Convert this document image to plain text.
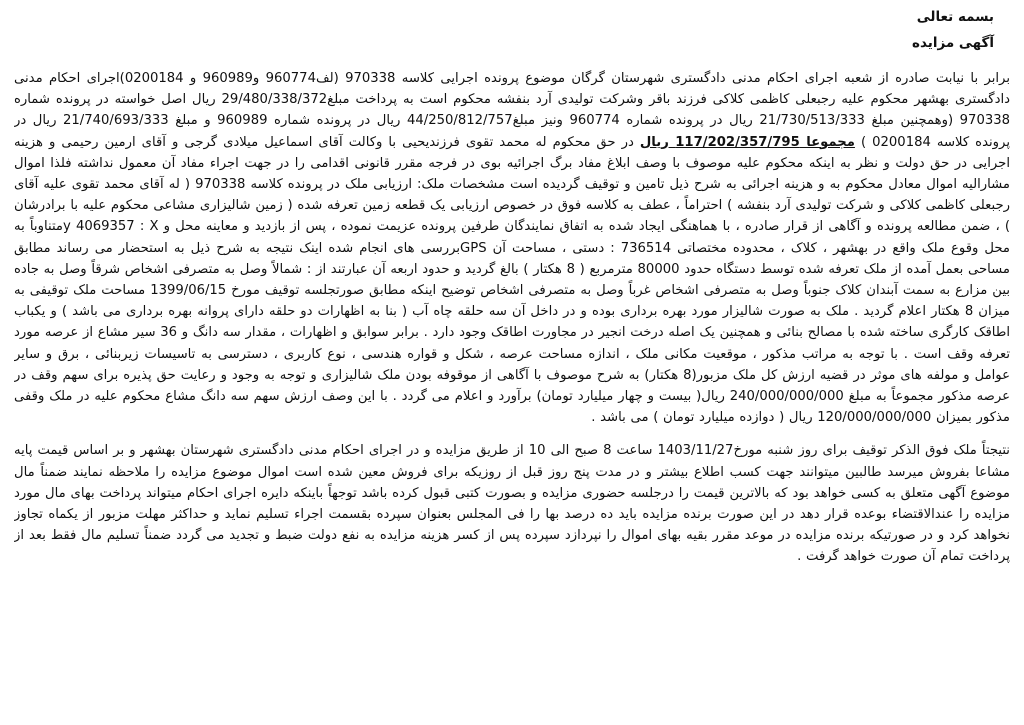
بسمه تعالی
آگهی مزایده

برابر با نیابت صادره از شعبه اجرای احکام مدنی دادگستری شهرستان گرگان موضوع پرونده اجرایی کلاسه 970338 (لف960774 و960989 و 0200184)اجرای احکام مدنی دادگستری بهشهر محکوم علیه رجبعلی کاظمی کلاکی فرزند باقر وشرکت تولیدی آرد بنفشه محکوم است به پرداخت مبلغ29/480/338/372 ریال اصل خواسته در پرونده شماره 970338 (وهمچنین مبلغ 21/730/513/333 ریال در پرونده شماره 960774 ونیز مبلغ44/250/812/757 ریال در پرونده شماره 960989 و مبلغ 21/740/693/333 ریال در پرونده کلاسه 0200184 ) مجموعا 117/202/357/795 ریال در حق محکوم له محمد تقوی فرزندیحیی با وکالت آقای اسماعیل میلادی گرجی و آقای ارمین رحیمی و هزینه اجرایی در حق دولت و نظر به اینکه محکوم علیه موصوف با وصف ابلاغ مفاد برگ اجرائیه بوی در فرجه مقرر قانونی اقدامی را در جهت اجراء مفاد آن معمول نداشته فلذا اموال مشارالیه اموال معادل محکوم به و هزینه اجرائی به شرح ذیل تامین و توقیف گردیده است مشخصات ملک: ارزیابی ملک در پرونده کلاسه 970338 ( له آقای محمد تقوی علیه آقای رجبعلی کاظمی کلاکی و شرکت تولیدی آرد بنفشه ) احتراماً ، عطف به کلاسه فوق در خصوص ارزیابی یک قطعه زمین تعرفه شده ( زمین شالیزاری مشاعی محکوم علیه با برادرشان ) ، ضمن مطالعه پرونده و آگاهی از قرار صادره ، با هماهنگی ایجاد شده به اتفاق نمایندگان طرفین پرونده عزیمت نموده ، پس از بازدید و معاینه محل و y 4069357 : Xمتناوباً به محل وقوع ملک واقع در بهشهر ، کلاک ، محدوده مختصاتی 736514 : دستی ، مساحت آن GPSبررسی های انجام شده اینک نتیجه به شرح ذیل به استحضار می رساند مطابق مساحی بعمل آمده از ملک تعرفه شده توسط دستگاه حدود 80000 مترمربع ( 8 هکتار ) بالغ گردید و حدود اربعه آن عبارتند از : شمالاً وصل به متصرفی اشخاص شرقاً وصل به جاده بین مزارع به سمت آبندان کلاک جنوباً وصل به متصرفی اشخاص غرباً وصل به متصرفی اشخاص توضیح اینکه مطابق صورتجلسه توقیف مورخ 1399/06/15 مساحت ملک توقیفی به میزان 8 هکتار اعلام گردید . ملک به صورت شالیزار مورد بهره برداری بوده و در داخل آن سه حلقه چاه آب ( بنا به اظهارات دو حلقه دارای پروانه بهره برداری می باشد ) و یکباب اطاقک کارگری ساخته شده با مصالح بنائی و همچنین یک اصله درخت انجیر در مجاورت اطاقک وجود دارد . برابر سوابق و اظهارات ، مقدار سه دانگ و 36 سیر مشاع از عرصه مورد تعرفه وقف است . با توجه به مراتب مذکور ، موقعیت مکانی ملک ، اندازه مساحت عرصه ، شکل و قواره هندسی ، نوع کاربری ، دسترسی به تاسیسات زیربنائی ، برق و سایر عوامل و مولفه های موثر در قضیه ارزش کل ملک مزبور(8 هکتار) به شرح موصوف با آگاهی از موقوفه بودن ملک شالیزاری و توجه به وجود و رعایت حق پذیره برای سهم وقف در عرصه مذکور مجموعاً به مبلغ 240/000/000/000 ریال( بیست و چهار میلیارد تومان) برآورد و اعلام می گردد . با این وصف ارزش سهم سه دانگ مشاع محکوم علیه در ملک وقفی مذکور بمیزان 120/000/000/000 ریال ( دوازده میلیارد تومان ) می باشد .

نتیجتاً ملک فوق الذکر توقیف برای روز شنبه مورخ1403/11/27 ساعت 8 صبح الی 10 از طریق مزایده و در اجرای احکام مدنی دادگستری شهرستان بهشهر و بر اساس قیمت پایه مشاعا بفروش میرسد طالبین میتوانند جهت کسب اطلاع بیشتر و در مدت پنج روز قبل از روزیکه برای فروش معین شده است اموال موضوع مزایده را ملاحظه نمایند ضمناً مال موضوع آگهی متعلق به کسی خواهد بود که بالاترین قیمت را درجلسه حضوری مزایده و بصورت کتبی قبول کرده باشد توجهاً باینکه دایره اجرای احکام میتواند پرداخت بهای مال مورد مزایده را عندالاقتضاء بوعده قرار دهد در این صورت برنده مزایده باید ده درصد بها را فی المجلس بعنوان سپرده بقسمت اجراء تسلیم نماید و حداکثر مهلت مزبور از یکماه تجاوز نخواهد کرد و در صورتیکه برنده مزایده در موعد مقرر بقیه بهای اموال را نپردازد سپرده پس از کسر هزینه مزایده به نفع دولت ضبط و تجدید می گردد ضمناً تسلیم مال فقط بعد از پرداخت تمام آن صورت خواهد گرفت .
